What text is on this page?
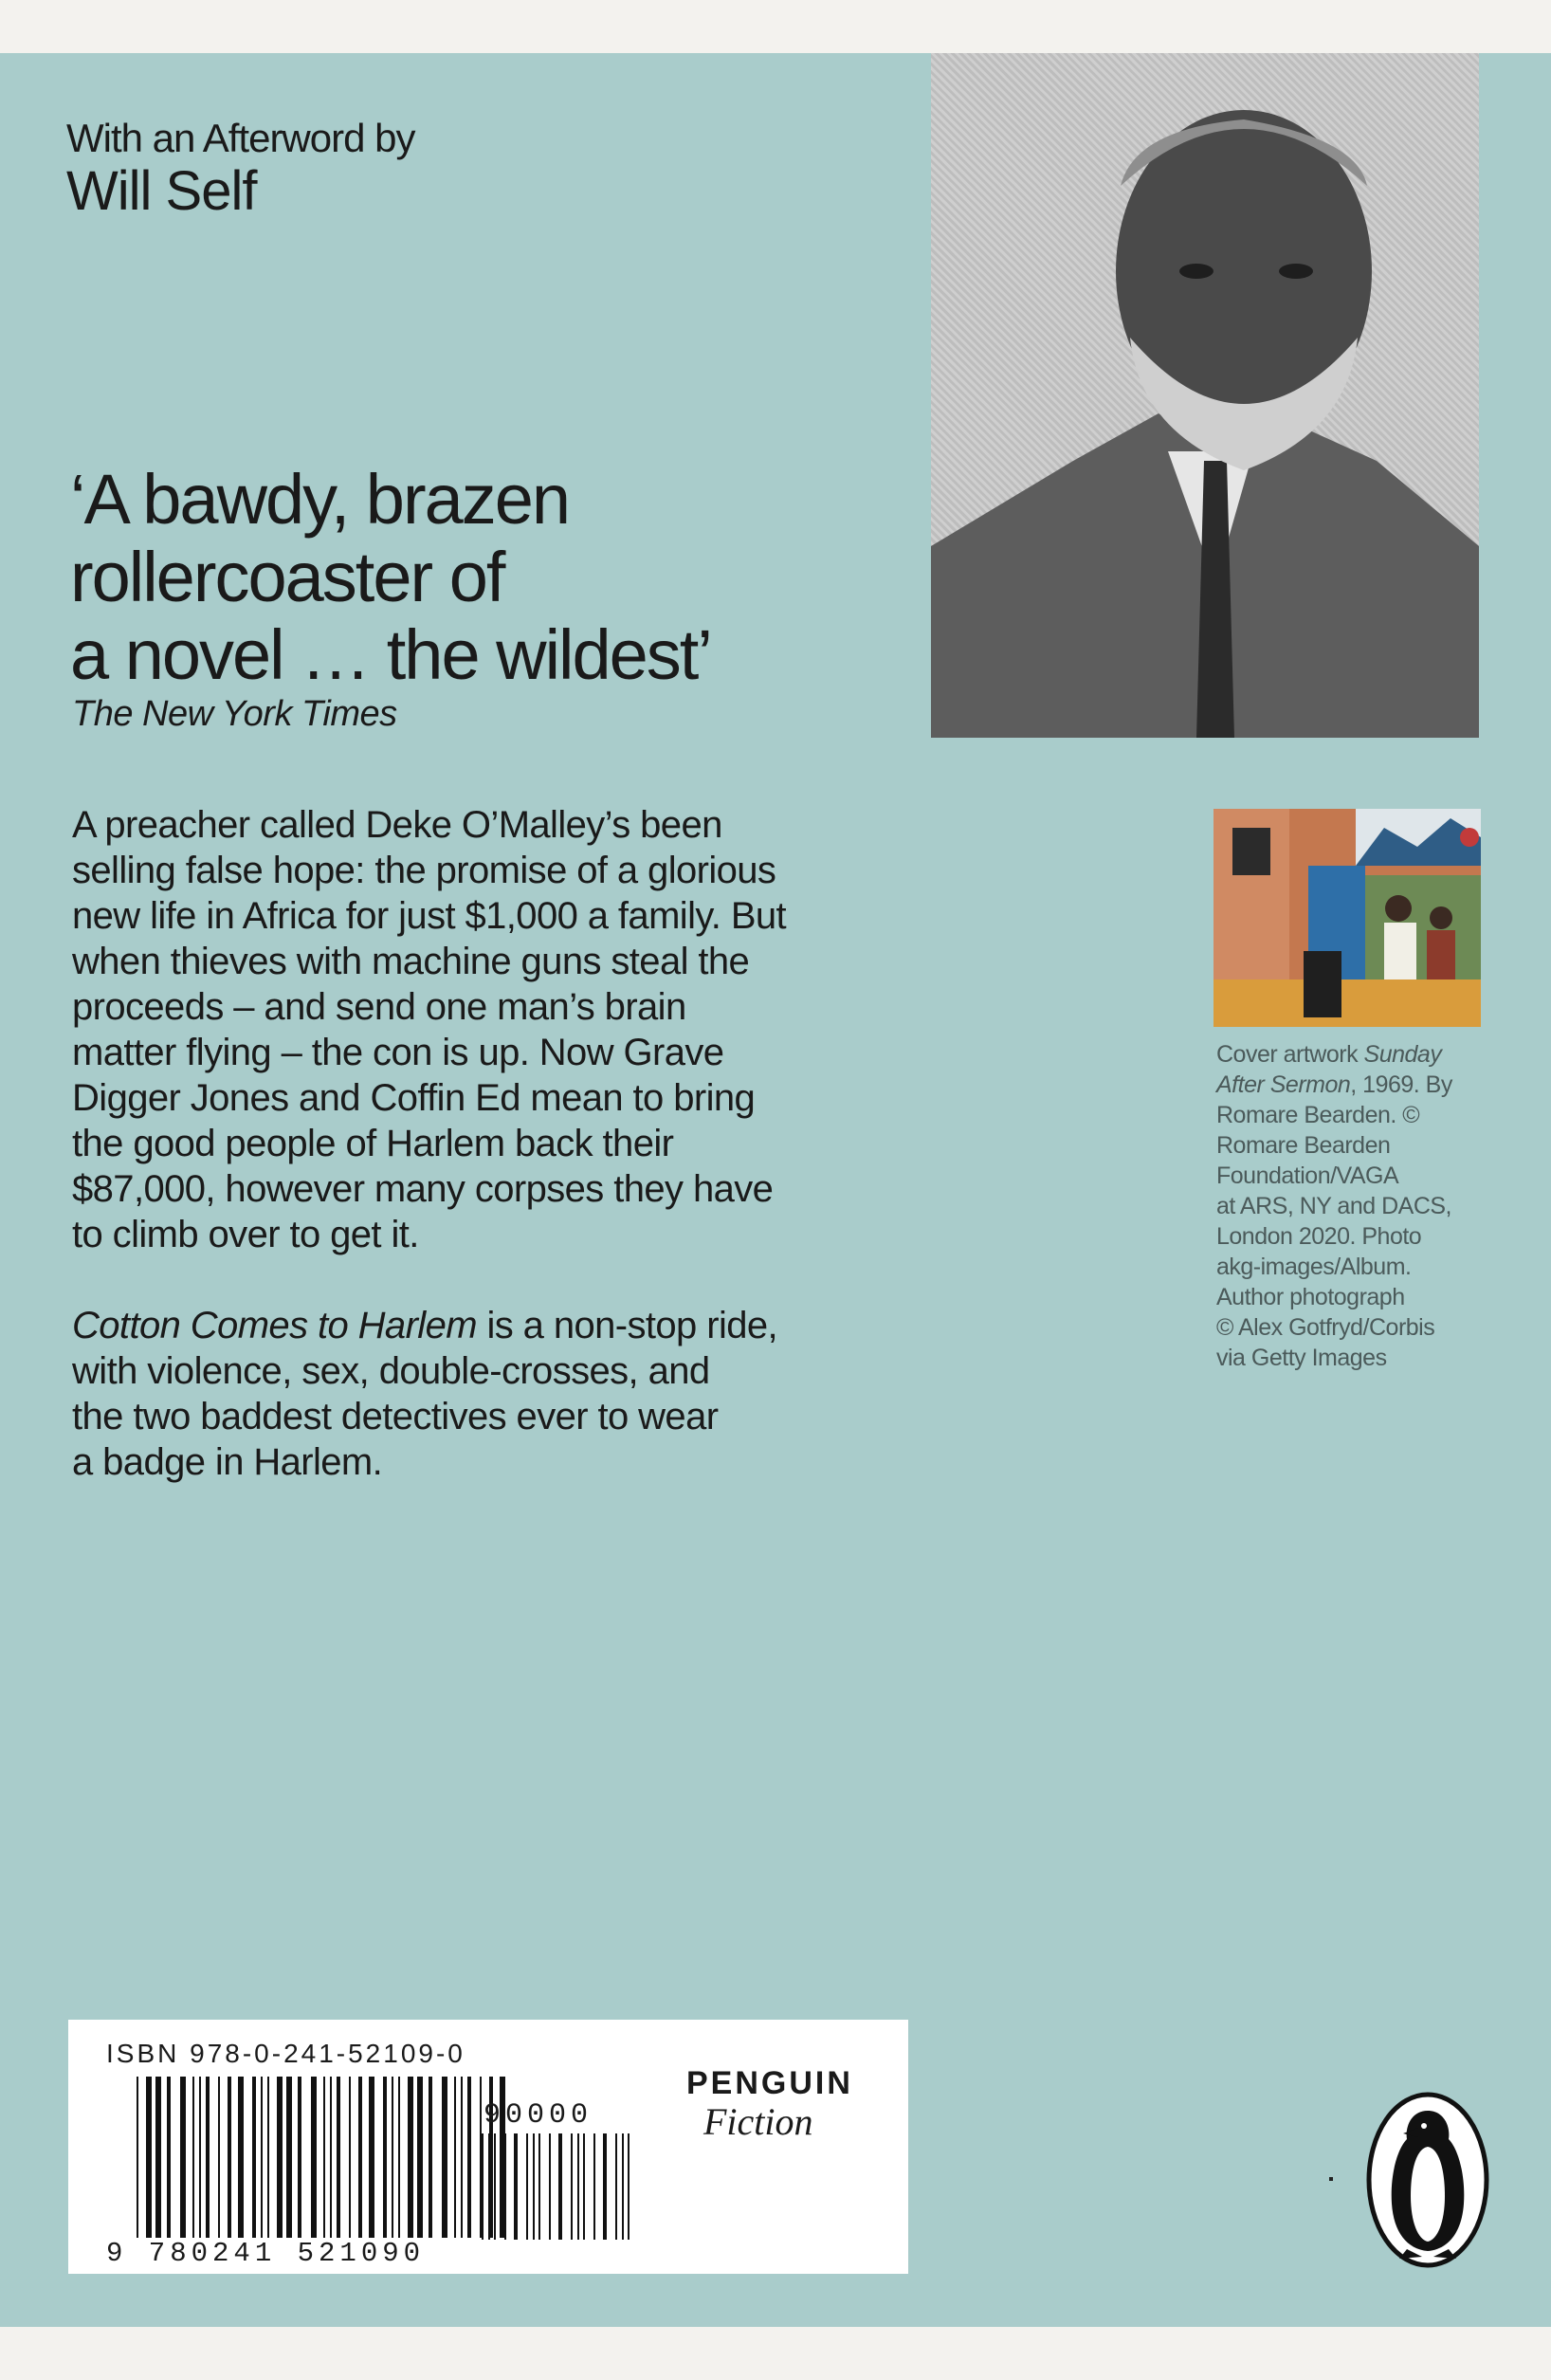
With an Afterword by
Will Self
‘A bawdy, brazen
rollercoaster of
a novel … the wildest’
The New York Times

A preacher called Deke O’Malley’s been
selling false hope: the promise of a glorious
new life in Africa for just $1,000 a family. But
when thieves with machine guns steal the
proceeds – and send one man’s brain
matter flying – the con is up. Now Grave
Digger Jones and Coffin Ed mean to bring
the good people of Harlem back their
$87,000, however many corpses they have
to climb over to get it.

Cotton Comes to Harlem is a non-stop ride,
with violence, sex, double-crosses, and
the two baddest detectives ever to wear
a badge in Harlem.

Cover artwork Sunday
After Sermon, 1969. By
Romare Bearden. ©
Romare Bearden
Foundation/VAGA
at ARS, NY and DACS,
London 2020. Photo
akg-images/Album.
Author photograph
© Alex Gotfryd/Corbis
via Getty Images
ISBN 978-0-241-52109-0
90000
9 780241 521090
PENGUIN
Fiction
